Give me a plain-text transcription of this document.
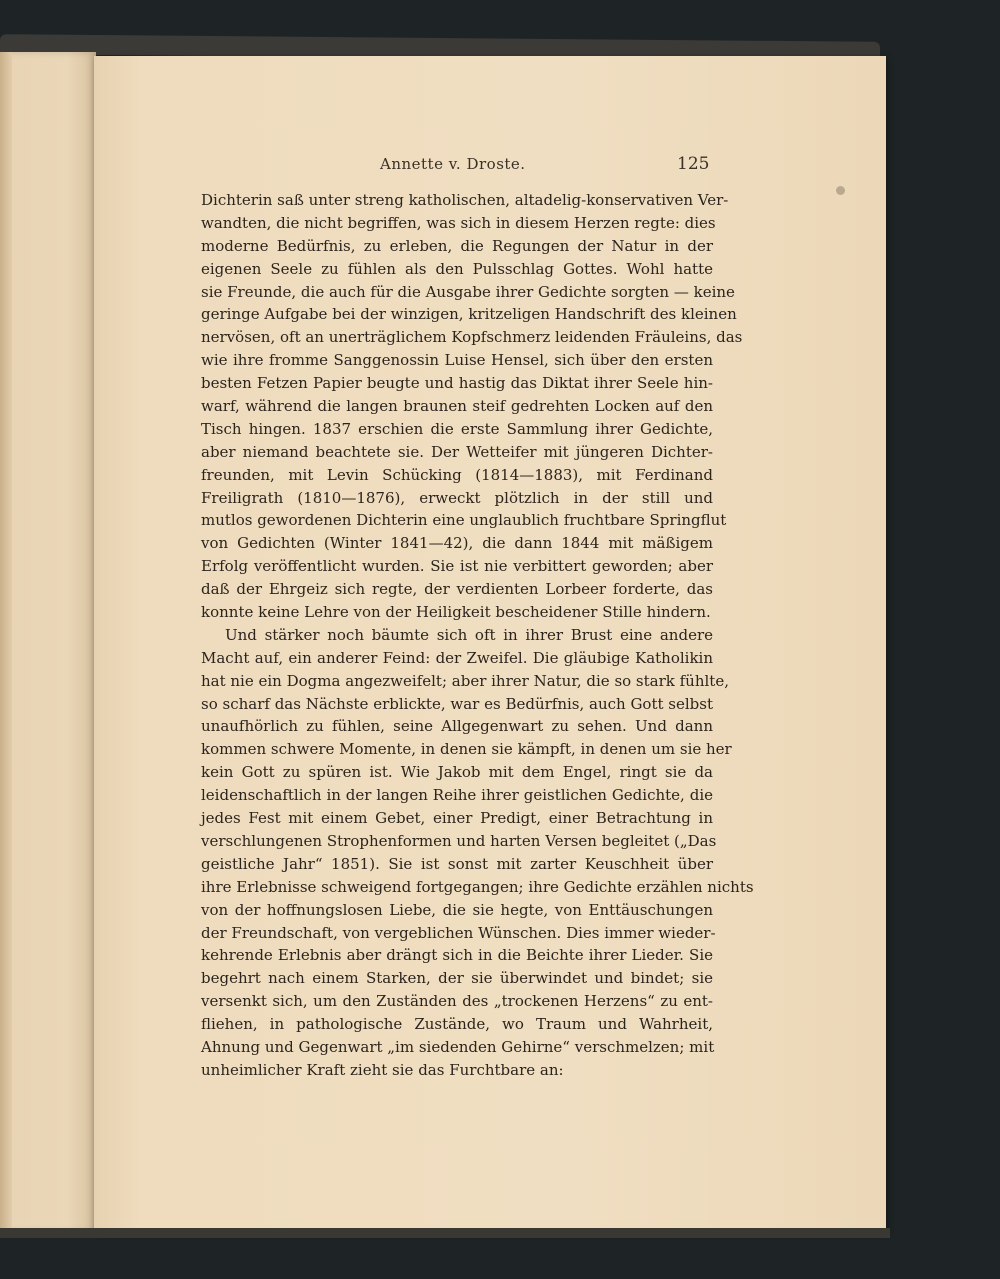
Annette v. Droste.	125
Dichterin saß unter streng katholischen, altadelig-konservativen Ver-
wandten, die nicht begriffen, was sich in diesem Herzen regte: dies
moderne Bedürfnis, zu erleben, die Regungen der Natur in der
eigenen Seele zu fühlen als den Pulsschlag Gottes. Wohl hatte
sie Freunde, die auch für die Ausgabe ihrer Gedichte sorgten — keine
geringe Aufgabe bei der winzigen, kritzeligen Handschrift des kleinen
nervösen, oft an unerträglichem Kopfschmerz leidenden Fräuleins, das
wie ihre fromme Sanggenossin Luise Hensel, sich über den ersten
besten Fetzen Papier beugte und hastig das Diktat ihrer Seele hin-
warf, während die langen braunen steif gedrehten Locken auf den
Tisch hingen. 1837 erschien die erste Sammlung ihrer Gedichte,
aber niemand beachtete sie. Der Wetteifer mit jüngeren Dichter-
freunden, mit Levin Schücking (1814—1883), mit Ferdinand
Freiligrath (1810—1876), erweckt plötzlich in der still und
mutlos gewordenen Dichterin eine unglaublich fruchtbare Springflut
von Gedichten (Winter 1841—42), die dann 1844 mit mäßigem
Erfolg veröffentlicht wurden. Sie ist nie verbittert geworden; aber
daß der Ehrgeiz sich regte, der verdienten Lorbeer forderte, das
konnte keine Lehre von der Heiligkeit bescheidener Stille hindern.
Und stärker noch bäumte sich oft in ihrer Brust eine andere
Macht auf, ein anderer Feind: der Zweifel. Die gläubige Katholikin
hat nie ein Dogma angezweifelt; aber ihrer Natur, die so stark fühlte,
so scharf das Nächste erblickte, war es Bedürfnis, auch Gott selbst
unaufhörlich zu fühlen, seine Allgegenwart zu sehen. Und dann
kommen schwere Momente, in denen sie kämpft, in denen um sie her
kein Gott zu spüren ist. Wie Jakob mit dem Engel, ringt sie da
leidenschaftlich in der langen Reihe ihrer geistlichen Gedichte, die
jedes Fest mit einem Gebet, einer Predigt, einer Betrachtung in
verschlungenen Strophenformen und harten Versen begleitet („Das
geistliche Jahr“ 1851). Sie ist sonst mit zarter Keuschheit über
ihre Erlebnisse schweigend fortgegangen; ihre Gedichte erzählen nichts
von der hoffnungslosen Liebe, die sie hegte, von Enttäuschungen
der Freundschaft, von vergeblichen Wünschen. Dies immer wieder-
kehrende Erlebnis aber drängt sich in die Beichte ihrer Lieder. Sie
begehrt nach einem Starken, der sie überwindet und bindet; sie
versenkt sich, um den Zuständen des „trockenen Herzens“ zu ent-
fliehen, in pathologische Zustände, wo Traum und Wahrheit,
Ahnung und Gegenwart „im siedenden Gehirne“ verschmelzen; mit
unheimlicher Kraft zieht sie das Furchtbare an:
